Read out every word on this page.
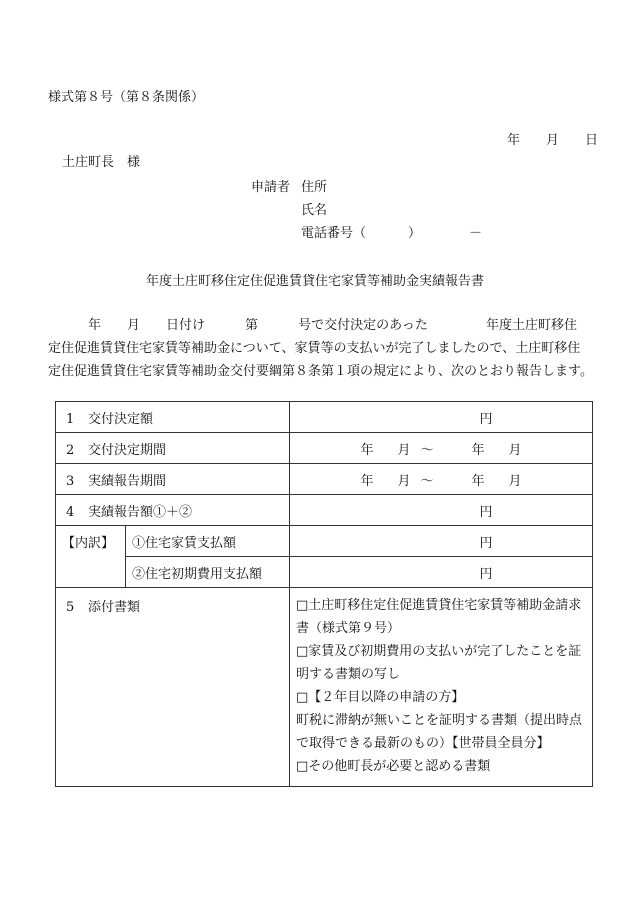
様式第８号（第８条関係）
年 月 日
土庄町長　様
申請者 住所
氏名
電話番号（	）	－
年度土庄町移住定住促進賃貸住宅家賃等補助金実績報告書

年 月 日付け	第	号で交付決定のあった	年度土庄町移住

定住促進賃貸住宅家賃等補助金について、家賃等の支払いが完了しましたので、土庄町移住

定住促進賃貸住宅家賃等補助金交付要綱第８条第１項の規定により、次のとおり報告します。

1 交付決定額		円
2 交付決定期間		年 月 ～ 年 月
3 実績報告期間		年 月 ～ 年 月
4 実績報告額①＋②		円
【内訳】	①住宅家賃支払額	円
	②住宅初期費用支払額	円
5 添付書類		□土庄町移住定住促進賃貸住宅家賃等補助金請求書（様式第９号）
□家賃及び初期費用の支払いが完了したことを証明する書類の写し
□【２年目以降の申請の方】
町税に滞納が無いことを証明する書類（提出時点で取得できる最新のもの）【世帯員全員分】
□その他町長が必要と認める書類
